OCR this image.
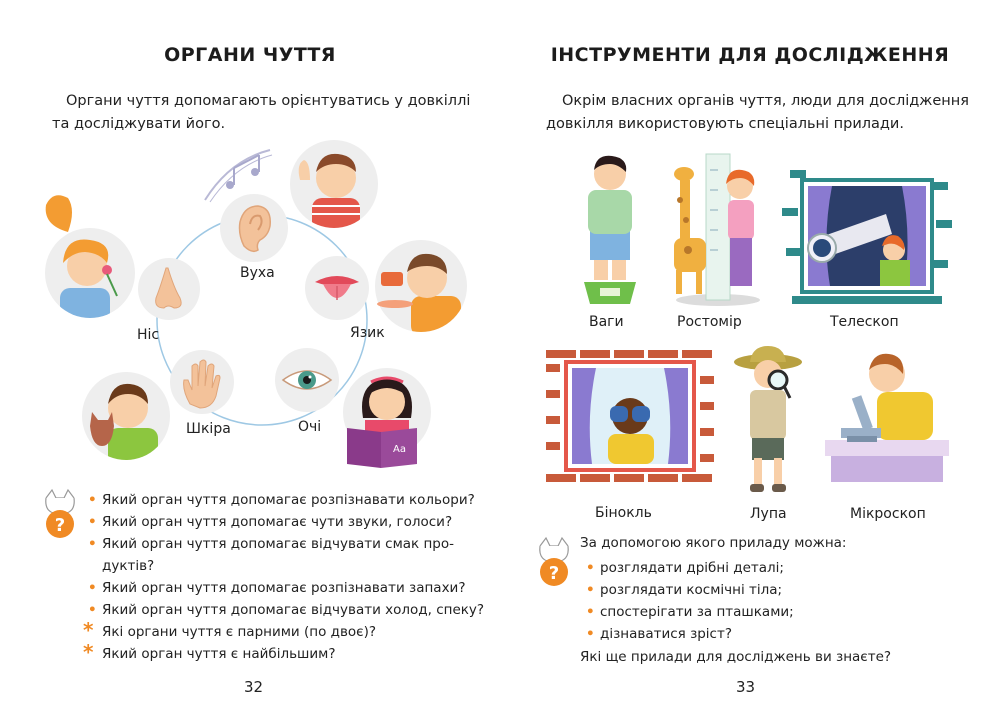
ОРГАНИ ЧУТТЯ
Органи чуття допомагають орієнтуватись у довкіллі
та досліджувати його.
Ніс
Вуха
Язик
Шкіра	Очі
Aa
?
• Який орган чуття допомагає розпізнавати кольори?
• Який орган чуття допомагає чути звуки, голоси?
• Який орган чуття допомагає відчувати смак про-
дуктів?
• Який орган чуття допомагає розпізнавати запахи?
• Який орган чуття допомагає відчувати холод, спеку?
* Які органи чуття є парними (по двоє)?
* Який орган чуття є найбільшим?
32
ІНСТРУМЕНТИ ДЛЯ ДОСЛІДЖЕННЯ
Окрім власних органів чуття, люди для дослідження
довкілля використовують спеціальні прилади.
Ваги	Ростомір	Телескоп
Бінокль	Лупа	Мікроскоп
?
За допомогою якого приладу можна:
• розглядати дрібні деталі;
• розглядати космічні тіла;
• спостерігати за пташками;
• дізнаватися зріст?
Які ще прилади для досліджень ви знаєте?
33
